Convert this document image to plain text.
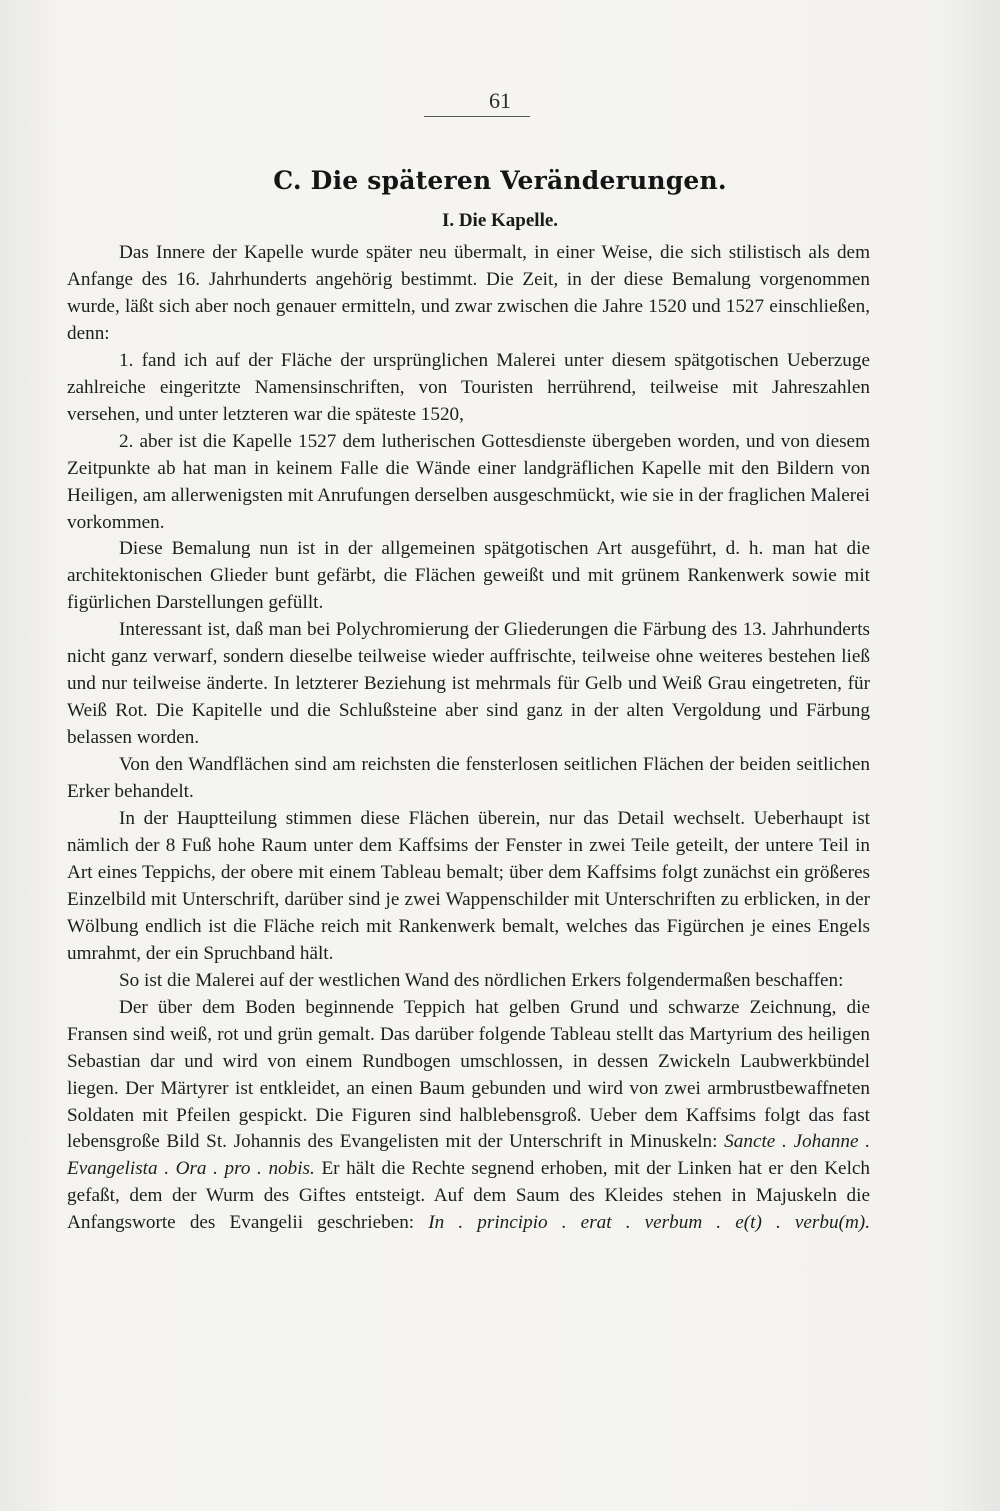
61
C. Die späteren Veränderungen.
I. Die Kapelle.

Das Innere der Kapelle wurde später neu übermalt, in einer Weise, die sich stilistisch als dem Anfange des 16. Jahrhunderts angehörig bestimmt. Die Zeit, in der diese Bemalung vorgenommen wurde, läßt sich aber noch genauer ermitteln, und zwar zwischen die Jahre 1520 und 1527 einschließen, denn:

1. fand ich auf der Fläche der ursprünglichen Malerei unter diesem spätgotischen Ueberzuge zahlreiche eingeritzte Namensinschriften, von Touristen herrührend, teilweise mit Jahreszahlen versehen, und unter letzteren war die späteste 1520,

2. aber ist die Kapelle 1527 dem lutherischen Gottesdienste übergeben worden, und von diesem Zeitpunkte ab hat man in keinem Falle die Wände einer landgräflichen Kapelle mit den Bildern von Heiligen, am allerwenigsten mit Anrufungen derselben ausgeschmückt, wie sie in der fraglichen Malerei vorkommen.

Diese Bemalung nun ist in der allgemeinen spätgotischen Art ausgeführt, d. h. man hat die architektonischen Glieder bunt gefärbt, die Flächen geweißt und mit grünem Rankenwerk sowie mit figürlichen Darstellungen gefüllt.

Interessant ist, daß man bei Polychromierung der Gliederungen die Färbung des 13. Jahrhunderts nicht ganz verwarf, sondern dieselbe teilweise wieder auffrischte, teilweise ohne weiteres bestehen ließ und nur teilweise änderte. In letzterer Beziehung ist mehrmals für Gelb und Weiß Grau eingetreten, für Weiß Rot. Die Kapitelle und die Schlußsteine aber sind ganz in der alten Vergoldung und Färbung belassen worden.

Von den Wandflächen sind am reichsten die fensterlosen seitlichen Flächen der beiden seitlichen Erker behandelt.

In der Hauptteilung stimmen diese Flächen überein, nur das Detail wechselt. Ueberhaupt ist nämlich der 8 Fuß hohe Raum unter dem Kaffsims der Fenster in zwei Teile geteilt, der untere Teil in Art eines Teppichs, der obere mit einem Tableau bemalt; über dem Kaffsims folgt zunächst ein größeres Einzelbild mit Unterschrift, darüber sind je zwei Wappenschilder mit Unterschriften zu erblicken, in der Wölbung endlich ist die Fläche reich mit Rankenwerk bemalt, welches das Figürchen je eines Engels umrahmt, der ein Spruchband hält.

So ist die Malerei auf der westlichen Wand des nördlichen Erkers folgendermaßen beschaffen:

Der über dem Boden beginnende Teppich hat gelben Grund und schwarze Zeichnung, die Fransen sind weiß, rot und grün gemalt. Das darüber folgende Tableau stellt das Martyrium des heiligen Sebastian dar und wird von einem Rundbogen umschlossen, in dessen Zwickeln Laubwerkbündel liegen. Der Märtyrer ist entkleidet, an einen Baum gebunden und wird von zwei armbrustbewaffneten Soldaten mit Pfeilen gespickt. Die Figuren sind halblebensgroß. Ueber dem Kaffsims folgt das fast lebensgroße Bild St. Johannis des Evangelisten mit der Unterschrift in Minuskeln: Sancte . Johanne . Evangelista . Ora . pro . nobis. Er hält die Rechte segnend erhoben, mit der Linken hat er den Kelch gefaßt, dem der Wurm des Giftes entsteigt. Auf dem Saum des Kleides stehen in Majuskeln die Anfangsworte des Evangelii geschrieben: In . principio . erat . verbum . e(t) . verbu(m).
